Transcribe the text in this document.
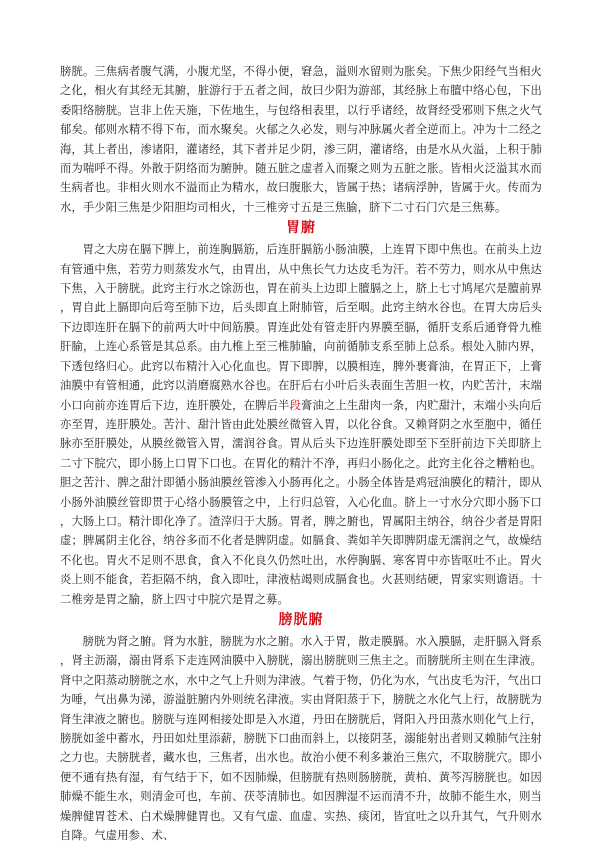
膀胱。三焦病者腹气满，小腹尤坚，不得小便，窘急，溢则水留则为胀矣。下焦少阳经气当相火之化，相火有其经无其腑，脏游行于五者之间，故曰少阳为游部，其经脉上布膻中络心包，下出委阳络膀胱。岂非上佐天施，下佐地生，与包络相表里，以行乎诸经，故肾经受邪则下焦之火气郁矣。郁则水精不得下布，而水聚矣。火郁之久必发，则与冲脉属火者全逆而上。冲为十二经之海，其上者出，渗诸阳，灌诸经，其下者并足少阴，渗三阴，灌诸络，由是水从火溢，上积于肺而为喘呼不得。外散于阴络而为腑肿。随五脏之虚者入而聚之则为五脏之胀。皆相火泛溢其水而生病者也。非相火则水不溢而止为精水，故曰腹胀大，皆属于热；诸病浮肿，皆属于火。传而为水，手少阳三焦是少阳胆均司相火，十三椎旁寸五是三焦腧，脐下二寸石门穴是三焦募。

胃腑

胃之大房在膈下脾上，前连胸膈筋，后连肝膈筋小肠油膜，上连胃下即中焦也。在前头上边有管通中焦，若劳力则蒸发水气，由胃出，从中焦长气力达皮毛为汗。若不劳力，则水从中焦达下焦，入于膀胱。此窍主行水之馀沥也，胃在前头上边即上膻膈之上，脐上七寸鸠尾穴是膻前界，胃自此上膈即向后弯至肺下边，后头即直上附肺管，后至咽。此窍主纳水谷也。在胃大房后头下边即连肝在膈下的前两大叶中间筋膜。胃连此处有管走肝内界膜至膈，循肝支系后通脊骨九椎肝腧，上连心系管是其总系。由九椎上至三椎肺腧，向前循肺支系至肺上总系。根处入肺内界，下透包络归心。此窍以布精汁入心化血也。胃下即脾，以膜相连，脾外裹膏油，在胃正下，上膏油膜中有管相通，此窍以消磨腐熟水谷也。在肝后右小叶后头表面生苦胆一枚，内贮苦汁，末端小口向前亦连胃后下边，连肝膜处，在脾后半段膏油之上生甜肉一条，内贮甜汁，末端小头向后亦至胃，连肝膜处。苦汁、甜汁皆由此处膜丝微管入胃，以化谷食。又赖肾阴之水至胞中，循任脉亦至肝膜处，从膜丝微管入胃，濡润谷食。胃从后头下边连肝膜处即至下至肝前边下关即脐上二寸下脘穴，即小肠上口胃下口也。在胃化的精汁不净，再归小肠化之。此窍主化谷之糟粕也。胆之苦汁、脾之甜汁即循小肠油膜丝管渗入小肠再化之。小肠全体皆是鸡冠油膜化的精汁，即从小肠外油膜丝管即贯于心络小肠膜管之中，上行归总管，入心化血。脐上一寸水分穴即小肠下口，大肠上口。精汁即化净了。渣滓归于大肠。胃者，脾之腑也，胃属阳主纳谷，纳谷少者是胃阳虚；脾属阴主化谷，纳谷多而不化者是脾阴虚。如膈食、粪如羊矢即脾阴虚无濡润之气，故燥结不化也。胃火不足则不思食，食入不化良久仍然吐出，水停胸膈、寒客胃中亦皆呕吐不止。胃火炎上则不能食，若拒隔不纳，食入即吐，津液枯竭则成膈食也。火甚则结硬，胃家实则谵语。十二椎旁是胃之腧，脐上四寸中脘穴是胃之募。

膀胱腑

膀胱为肾之腑。肾为水脏，膀胱为水之腑。水入于胃，散走膜膈。水入膜膈，走肝膈入肾系，肾主沥溺，溺由肾系下走连网油膜中入膀胱，溺出膀胱则三焦主之。而膀胱所主则在生津液。肾中之阳蒸动膀胱之水，水中之气上升则为津液。气着于物，仍化为水，气出皮毛为汗，气出口为唾，气出鼻为涕，游溢脏腑内外则统名津液。实由肾阳蒸于下，膀胱之水化气上行，故膀胱为肾生津液之腑也。膀胱与连网相接处即是入水道，丹田在膀胱后，肾阳入丹田蒸水则化气上行，膀胱如釜中蓄水，丹田如灶里添薪，膀胱下口曲而斜上，以接阴茎，溺能射出者则又赖肺气注射之力也。夫膀胱者，藏水也，三焦者，出水也。故治小便不利多兼治三焦穴，不取膀胱穴。即小便不通有热有湿，有气结于下，如不因肺燥，但膀胱有热则肠膀胱，黄柏、黄芩泻膀胱也。如因肺燥不能生水，则清金可也，车前、茯苓清肺也。如因脾湿不运而清不升，故肺不能生水，则当燥脾健胃苍术、白术燥脾健胃也。又有气虚、血虚、实热、痰闭，皆宜吐之以升其气，气升则水自降。气虚用参、术、
